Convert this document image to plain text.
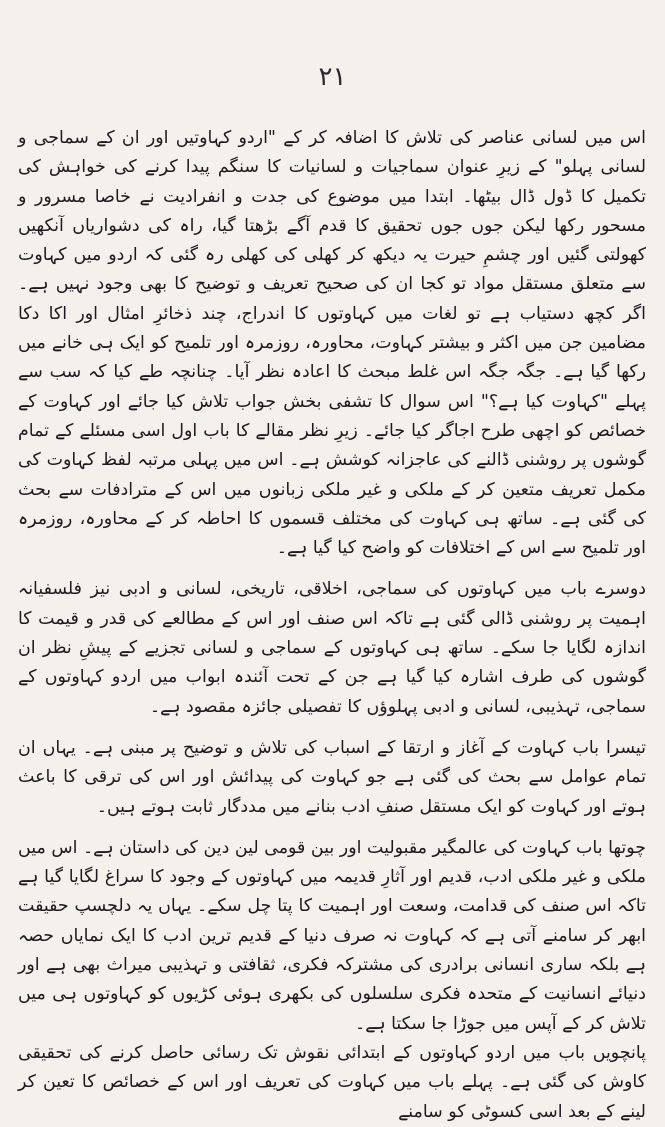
۲۱

اس میں لسانی عناصر کی تلاش کا اضافہ کر کے "اردو کہاوتیں اور ان کے سماجی و لسانی پہلو" کے زیرِ عنوان سماجیات و لسانیات کا سنگم پیدا کرنے کی خواہش کی تکمیل کا ڈول ڈال بیٹھا۔ ابتدا میں موضوع کی جدت و انفرادیت نے خاصا مسرور و مسحور رکھا لیکن جوں جوں تحقیق کا قدم آگے بڑھتا گیا، راہ کی دشواریاں آنکھیں کھولتی گئیں اور چشمِ حیرت یہ دیکھ کر کھلی کی کھلی رہ گئی کہ اردو میں کہاوت سے متعلق مستقل مواد تو کجا ان کی صحیح تعریف و توضیح کا بھی وجود نہیں ہے۔ اگر کچھ دستیاب ہے تو لغات میں کہاوتوں کا اندراج، چند ذخائرِ امثال اور اکا دکا مضامین جن میں اکثر و بیشتر کہاوت، محاورہ، روزمرہ اور تلمیح کو ایک ہی خانے میں رکھا گیا ہے۔ جگہ جگہ اس غلط مبحث کا اعادہ نظر آیا۔ چنانچہ طے کیا کہ سب سے پہلے "کہاوت کیا ہے؟" اس سوال کا تشفی بخش جواب تلاش کیا جائے اور کہاوت کے خصائص کو اچھی طرح اجاگر کیا جائے۔ زیرِ نظر مقالے کا باب اول اسی مسئلے کے تمام گوشوں پر روشنی ڈالنے کی عاجزانہ کوشش ہے۔ اس میں پہلی مرتبہ لفظ کہاوت کی مکمل تعریف متعین کر کے ملکی و غیر ملکی زبانوں میں اس کے مترادفات سے بحث کی گئی ہے۔ ساتھ ہی کہاوت کی مختلف قسموں کا احاطہ کر کے محاورہ، روزمرہ اور تلمیح سے اس کے اختلافات کو واضح کیا گیا ہے۔

دوسرے باب میں کہاوتوں کی سماجی، اخلاقی، تاریخی، لسانی و ادبی نیز فلسفیانہ اہمیت پر روشنی ڈالی گئی ہے تاکہ اس صنف اور اس کے مطالعے کی قدر و قیمت کا اندازہ لگایا جا سکے۔ ساتھ ہی کہاوتوں کے سماجی و لسانی تجزیے کے پیشِ نظر ان گوشوں کی طرف اشارہ کیا گیا ہے جن کے تحت آئندہ ابواب میں اردو کہاوتوں کے سماجی، تہذیبی، لسانی و ادبی پہلوؤں کا تفصیلی جائزہ مقصود ہے۔

تیسرا باب کہاوت کے آغاز و ارتقا کے اسباب کی تلاش و توضیح پر مبنی ہے۔ یہاں ان تمام عوامل سے بحث کی گئی ہے جو کہاوت کی پیدائش اور اس کی ترقی کا باعث ہوتے اور کہاوت کو ایک مستقل صنفِ ادب بنانے میں مددگار ثابت ہوتے ہیں۔

چوتھا باب کہاوت کی عالمگیر مقبولیت اور بین قومی لین دین کی داستان ہے۔ اس میں ملکی و غیر ملکی ادب، قدیم اور آثارِ قدیمہ میں کہاوتوں کے وجود کا سراغ لگایا گیا ہے تاکہ اس صنف کی قدامت، وسعت اور اہمیت کا پتا چل سکے۔ یہاں یہ دلچسپ حقیقت ابھر کر سامنے آتی ہے کہ کہاوت نہ صرف دنیا کے قدیم ترین ادب کا ایک نمایاں حصہ ہے بلکہ ساری انسانی برادری کی مشترکہ فکری، ثقافتی و تہذیبی میراث بھی ہے اور دنیائے انسانیت کے متحدہ فکری سلسلوں کی بکھری ہوئی کڑیوں کو کہاوتوں ہی میں تلاش کر کے آپس میں جوڑا جا سکتا ہے۔

پانچویں باب میں اردو کہاوتوں کے ابتدائی نقوش تک رسائی حاصل کرنے کی تحقیقی کاوش کی گئی ہے۔ پہلے باب میں کہاوت کی تعریف اور اس کے خصائص کا تعین کر لینے کے بعد اسی کسوٹی کو سامنے
